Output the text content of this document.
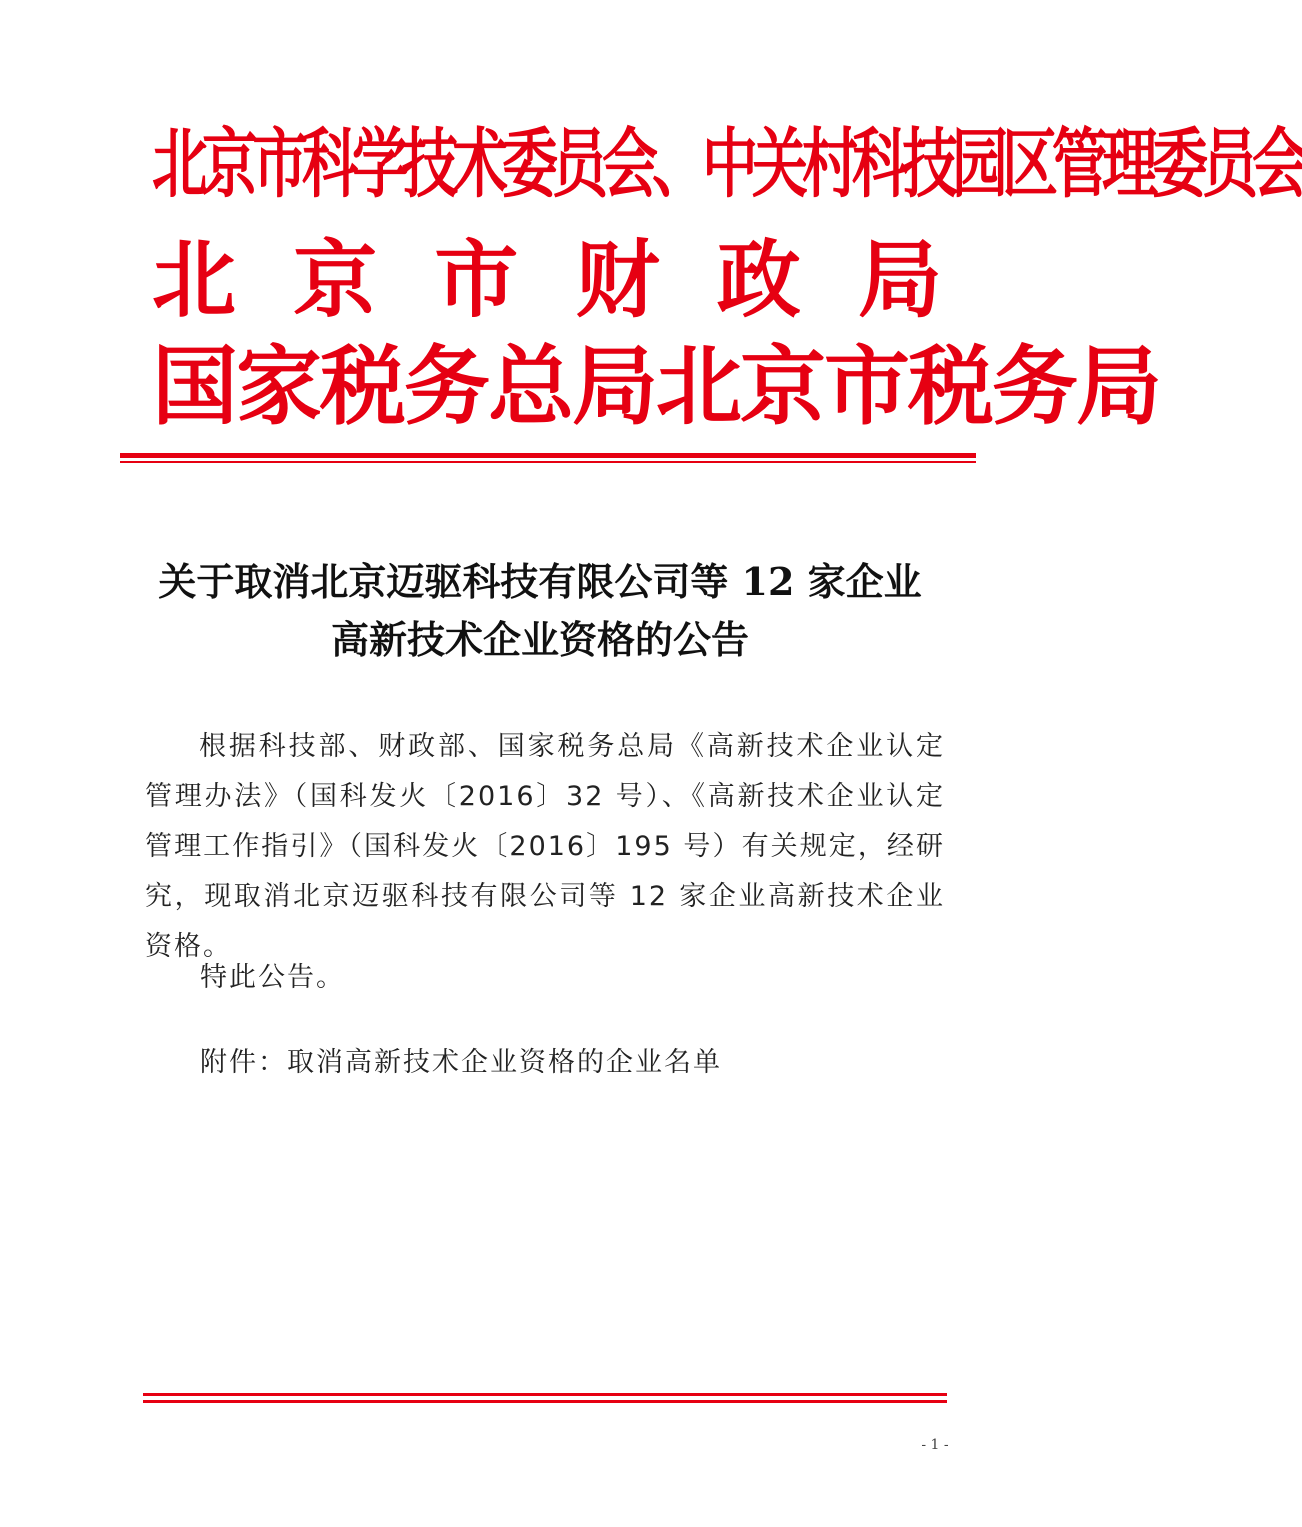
北京市科学技术委员会、中关村科技园区管理委员会
北 京 市 财 政 局
国家税务总局北京市税务局
关于取消北京迈驱科技有限公司等 12 家企业
高新技术企业资格的公告
根据科技部、财政部、国家税务总局《高新技术企业认定管理办法》（国科发火〔2016〕32 号）、《高新技术企业认定管理工作指引》（国科发火〔2016〕195 号）有关规定，经研究，现取消北京迈驱科技有限公司等 12 家企业高新技术企业资格。
特此公告。
附件：取消高新技术企业资格的企业名单
- 1 -
